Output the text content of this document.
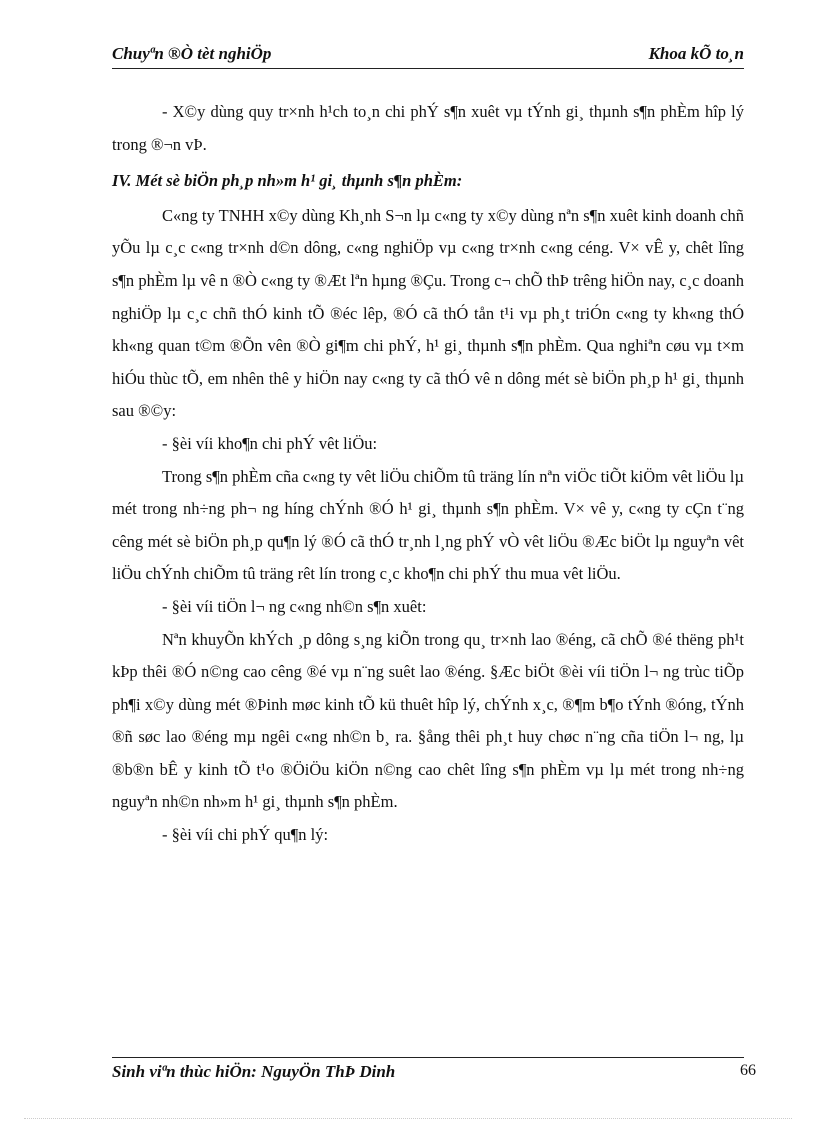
Chuyªn ®Ò tèt nghiÖp	Khoa kÕ to¸n

- X©y dùng quy tr×nh h¹ch to¸n chi phÝ s¶n xuêt vµ tÝnh gi¸ thµnh s¶n phÈm hîp lý trong ®¬n vÞ.

IV. Mét sè biÖn ph¸p nh»m h¹ gi¸ thµnh s¶n phÈm:

C«ng ty TNHH x©y dùng Kh¸nh S¬n lµ c«ng ty x©y dùng nªn s¶n xuêt kinh doanh chñ yÕu lµ c¸c c«ng tr×nh d©n dông, c«ng nghiÖp vµ c«ng tr×nh c«ng céng. V× vÊ y, chêt lîng s¶n phÈm lµ vê n ®Ò c«ng ty ®Æt lªn hµng ®Çu. Trong c¬ chÕ thÞ trêng hiÖn nay, c¸c doanh nghiÖp lµ c¸c chñ thÓ kinh tÕ ®éc lêp, ®Ó cã thÓ tån t¹i vµ ph¸t triÓn c«ng ty kh«ng thÓ kh«ng quan t©m ®Õn vên ®Ò gi¶m chi phÝ, h¹ gi¸ thµnh s¶n phÈm. Qua nghiªn cøu vµ t×m hiÓu thùc tÕ, em nhên thê y hiÖn nay c«ng ty cã thÓ vê n dông mét sè biÖn ph¸p h¹ gi¸ thµnh sau ®©y:

- §èi víi kho¶n chi phÝ vêt liÖu:

Trong s¶n phÈm cña c«ng ty vêt liÖu chiÕm tû träng lín nªn viÖc tiÕt kiÖm vêt liÖu lµ mét trong nh÷ng ph¬ ng híng chÝnh ®Ó h¹ gi¸ thµnh s¶n phÈm. V× vê y, c«ng ty cÇn t¨ng cêng mét sè biÖn ph¸p qu¶n lý ®Ó cã thÓ tr¸nh l¸ng phÝ vÒ vêt liÖu ®Æc biÖt lµ nguyªn vêt liÖu chÝnh chiÕm tû träng rêt lín trong c¸c kho¶n chi phÝ thu mua vêt liÖu.

- §èi víi tiÖn l¬ ng c«ng nh©n s¶n xuêt:

Nªn khuyÕn khÝch ¸p dông s¸ng kiÕn trong qu¸ tr×nh lao ®éng, cã chÕ ®é thëng ph¹t kÞp thêi ®Ó n©ng cao cêng ®é vµ n¨ng suêt lao ®éng. §Æc biÖt ®èi víi tiÖn l¬ ng trùc tiÕp ph¶i x©y dùng mét ®Þinh møc kinh tÕ kü thuêt hîp lý, chÝnh x¸c, ®¶m b¶o tÝnh ®óng, tÝnh ®ñ søc lao ®éng mµ ngêi c«ng nh©n b¸ ra. §ång thêi ph¸t huy chøc n¨ng cña tiÖn l¬ ng, lµ ®b®n bÊ y kinh tÕ t¹o ®ÖiÖu kiÖn n©ng cao chêt lîng s¶n phÈm vµ lµ mét trong nh÷ng nguyªn nh©n nh»m h¹ gi¸ thµnh s¶n phÈm.

- §èi víi chi phÝ qu¶n lý:

Sinh viªn thùc hiÖn: NguyÖn ThÞ Dinh	66
